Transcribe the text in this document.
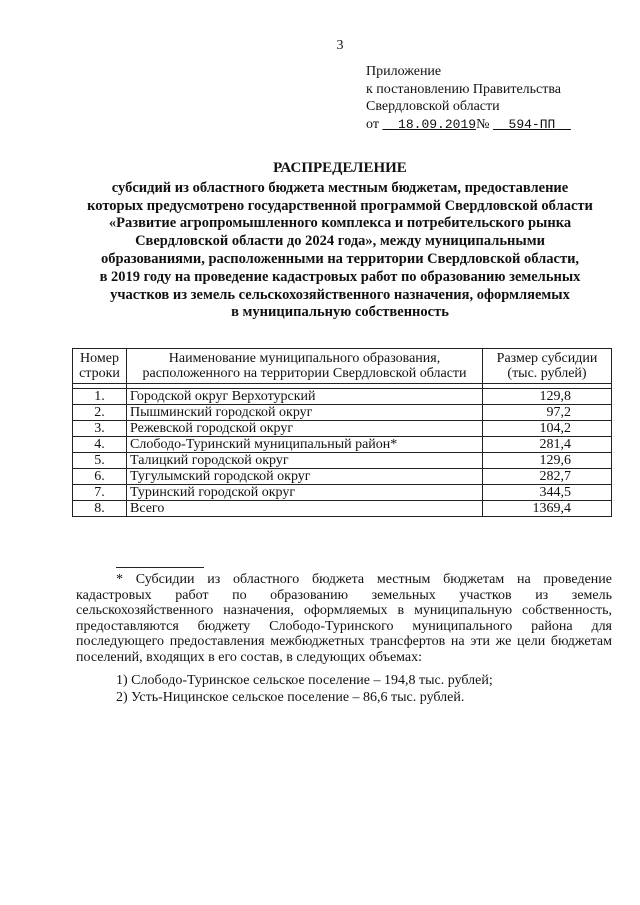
3
Приложение
к постановлению Правительства
Свердловской области
от 18.09.2019№ 594-ПП
РАСПРЕДЕЛЕНИЕ
субсидий из областного бюджета местным бюджетам, предоставление
которых предусмотрено государственной программой Свердловской области
«Развитие агропромышленного комплекса и потребительского рынка
Свердловской области до 2024 года», между муниципальными
образованиями, расположенными на территории Свердловской области,
в 2019 году на проведение кадастровых работ по образованию земельных
участков из земель сельскохозяйственного назначения, оформляемых
в муниципальную собственность
Номер строки	Наименование муниципального образования, расположенного на территории Свердловской области	Размер субсидии (тыс. рублей)

1.	Городской округ Верхотурский	129,8
2.	Пышминский городской округ	97,2
3.	Режевской городской округ	104,2
4.	Слободо-Туринский муниципальный район*	281,4
5.	Талицкий городской округ	129,6
6.	Тугулымский городской округ	282,7
7.	Туринский городской округ	344,5
8.	Всего	1369,4

* Субсидии из областного бюджета местным бюджетам на проведение кадастровых работ по образованию земельных участков из земель сельскохозяйственного назначения, оформляемых в муниципальную собственность, предоставляются бюджету Слободо-Туринского муниципального района для последующего предоставления межбюджетных трансфертов на эти же цели бюджетам поселений, входящих в его состав, в следующих объемах:

1) Слободо-Туринское сельское поселение – 194,8 тыс. рублей;
2) Усть-Ницинское сельское поселение – 86,6 тыс. рублей.
